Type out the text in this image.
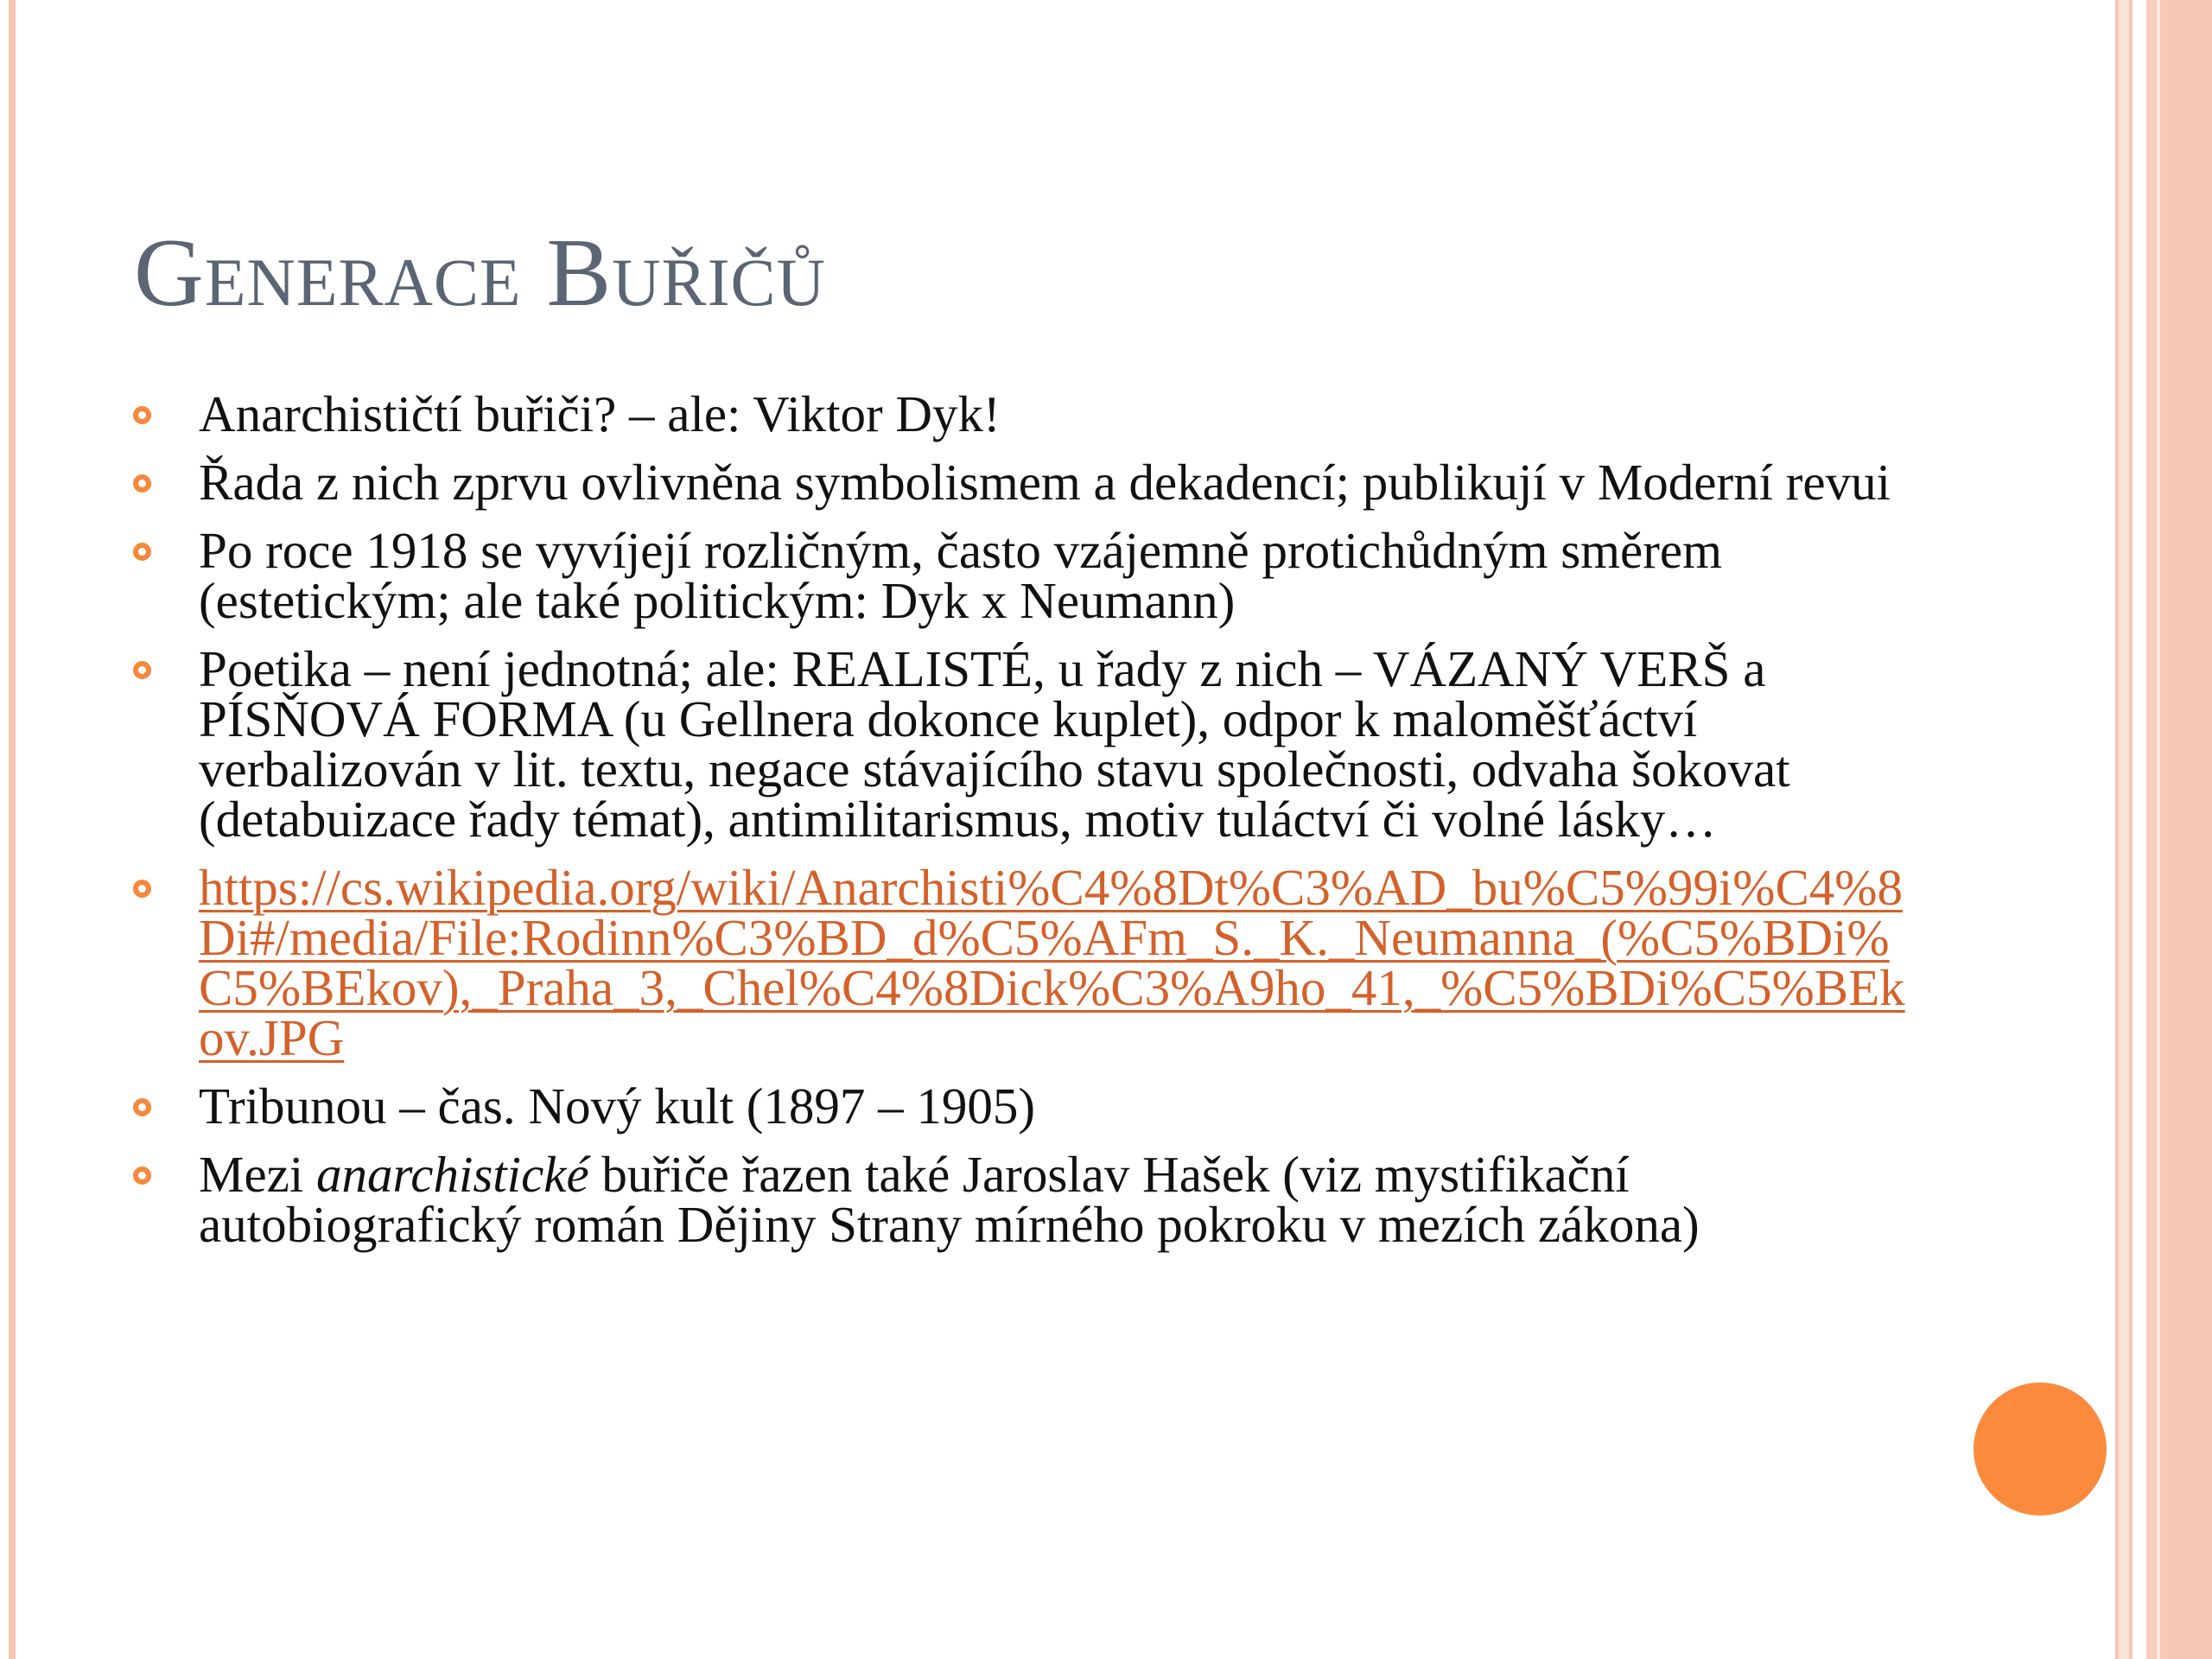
Generace Buřičů
Anarchističtí buřiči? – ale: Viktor Dyk!
Řada z nich zprvu ovlivněna symbolismem a dekadencí; publikují v Moderní revui
Po roce 1918 se vyvíjejí rozličným, často vzájemně protichůdným směrem (estetickým; ale také politickým: Dyk x Neumann)
Poetika – není jednotná; ale: REALISTÉ, u řady z nich – VÁZANÝ VERŠ a PÍSŇOVÁ FORMA (u Gellnera dokonce kuplet), odpor k maloměšťáctví verbalizován v lit. textu, negace stávajícího stavu společnosti, odvaha šokovat (detabuizace řady témat), antimilitarismus, motiv tuláctví či volné lásky…
https://cs.wikipedia.org/wiki/Anarchisti%C4%8Dt%C3%AD_bu%C5%99i%C4%8Di#/media/File:Rodinn%C3%BD_d%C5%AFm_S._K._Neumanna_(%C5%BDi%C5%BEkov),_Praha_3,_Chel%C4%8Dick%C3%A9ho_41,_%C5%BDi%C5%BEkov.JPG
Tribunou – čas. Nový kult (1897 – 1905)
Mezi anarchistické buřiče řazen také Jaroslav Hašek (viz mystifikační autobiografický román Dějiny Strany mírného pokroku v mezích zákona)
